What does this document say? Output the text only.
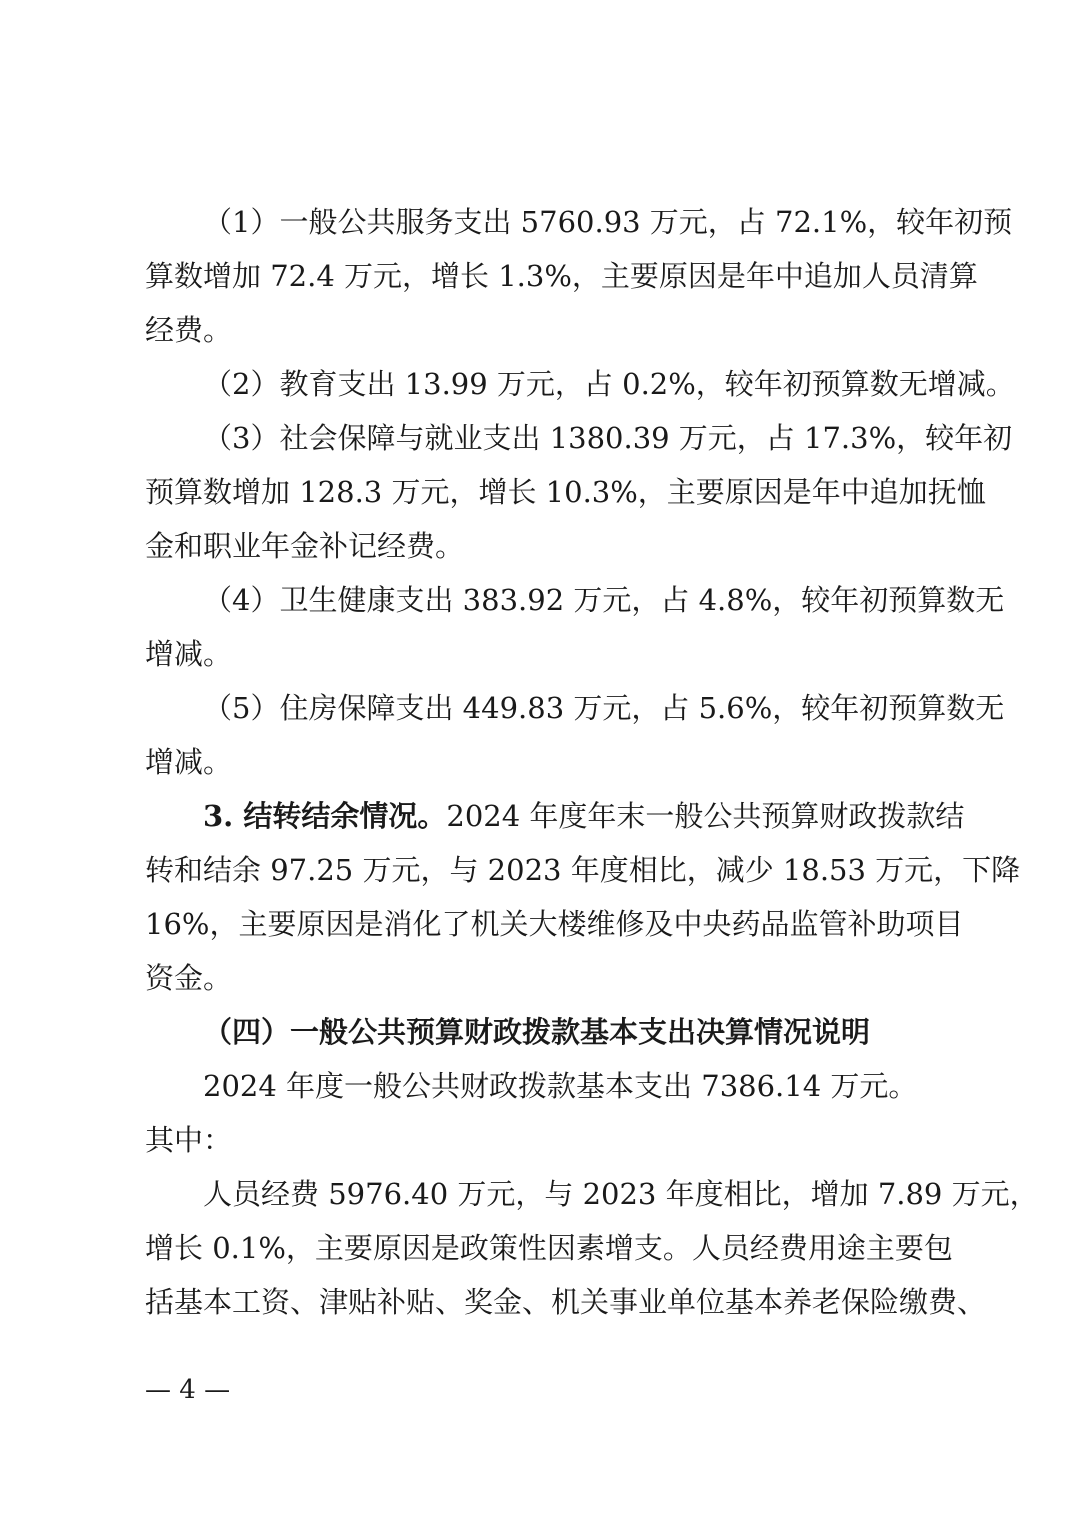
（1）一般公共服务支出 5760.93 万元，占 72.1%，较年初预
算数增加 72.4 万元，增长 1.3%，主要原因是年中追加人员清算
经费。
（2）教育支出 13.99 万元，占 0.2%，较年初预算数无增减。
（3）社会保障与就业支出 1380.39 万元，占 17.3%，较年初
预算数增加 128.3 万元，增长 10.3%，主要原因是年中追加抚恤
金和职业年金补记经费。
（4）卫生健康支出 383.92 万元，占 4.8%，较年初预算数无
增减。
（5）住房保障支出 449.83 万元，占 5.6%，较年初预算数无
增减。
3. 结转结余情况。2024 年度年末一般公共预算财政拨款结
转和结余 97.25 万元，与 2023 年度相比，减少 18.53 万元，下降
16%，主要原因是消化了机关大楼维修及中央药品监管补助项目
资金。
（四）一般公共预算财政拨款基本支出决算情况说明
2024 年度一般公共财政拨款基本支出 7386.14 万元。
其中：
人员经费 5976.40 万元，与 2023 年度相比，增加 7.89 万元，
增长 0.1%，主要原因是政策性因素增支。人员经费用途主要包
括基本工资、津贴补贴、奖金、机关事业单位基本养老保险缴费、
— 4 —
